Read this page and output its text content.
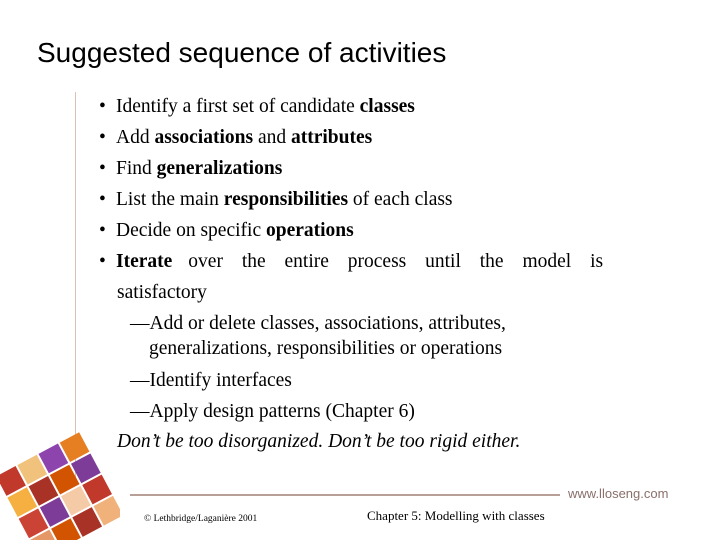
Suggested sequence of activities
• Identify a first set of candidate classes
• Add associations and attributes
• Find generalizations
• List the main responsibilities of each class
• Decide on specific operations
• Iterate over the entire process until the model is
satisfactory
—Add or delete classes, associations, attributes,
generalizations, responsibilities or operations
—Identify interfaces
—Apply design patterns (Chapter 6)
Don’t be too disorganized. Don’t be too rigid either.
www.lloseng.com
© Lethbridge/Laganière 2001	Chapter 5: Modelling with classes
